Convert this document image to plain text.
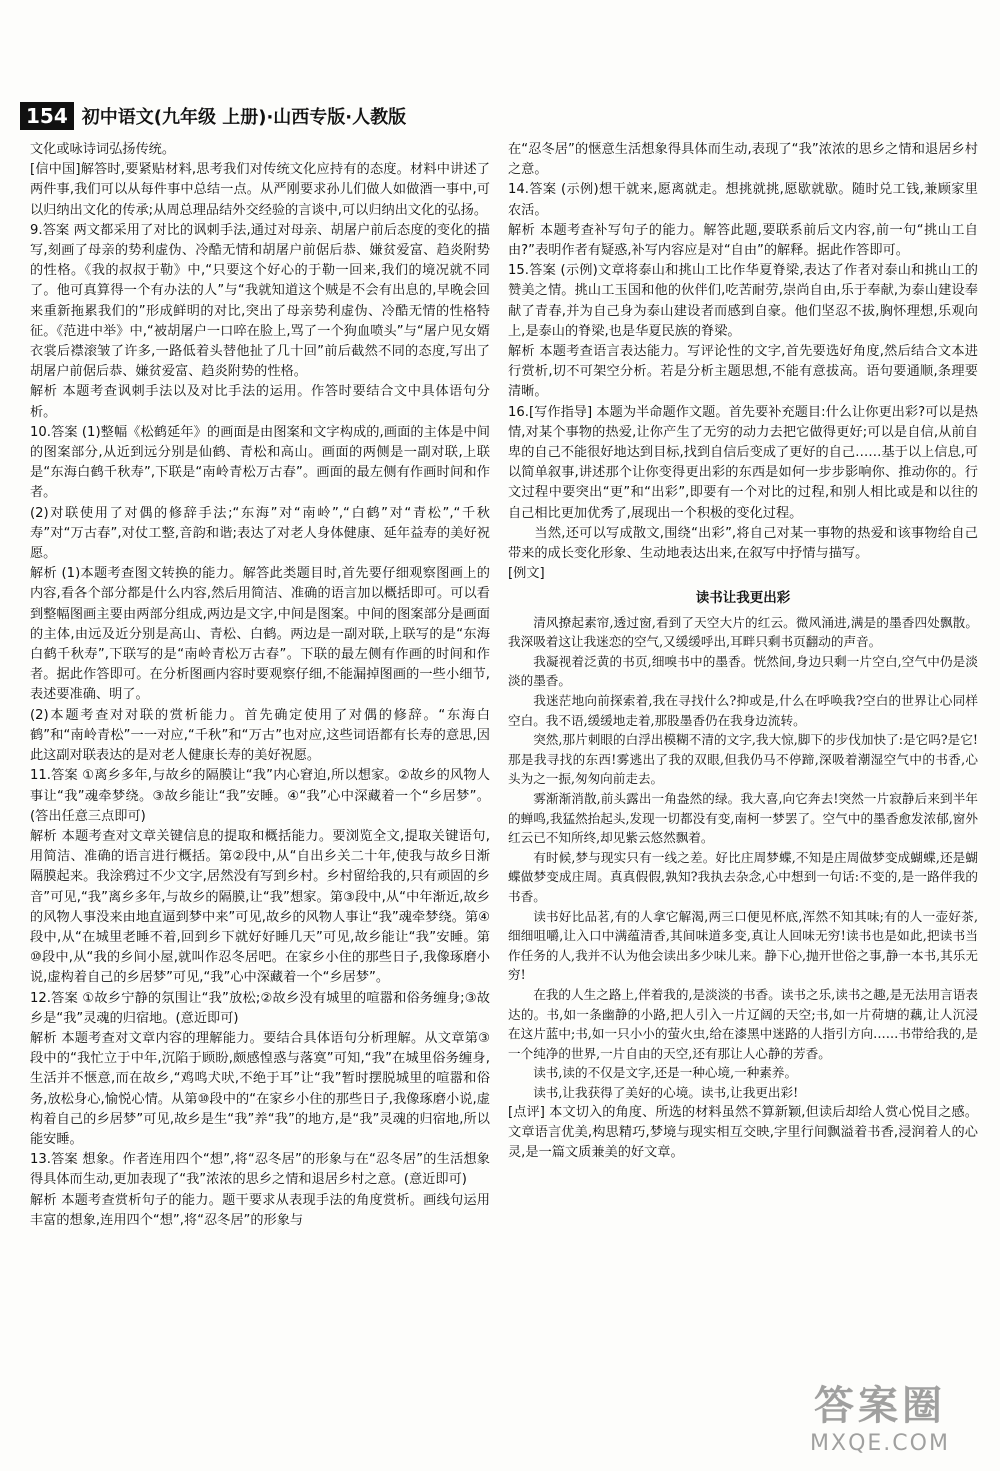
154 初中语文(九年级 上册)·山西专版·人教版

文化或咏诗词弘扬传统。

[信中国]解答时,要紧贴材料,思考我们对传统文化应持有的态度。材料中讲述了两件事,我们可以从每件事中总结一点。从严刚要求孙儿们做人如做酒一事中,可以归纳出文化的传承;从周总理品结外交经验的言谈中,可以归纳出文化的弘扬。

9.答案 两文都采用了对比的讽刺手法,通过对母亲、胡屠户前后态度的变化的描写,刻画了母亲的势利虚伪、冷酷无情和胡屠户前倨后恭、嫌贫爱富、趋炎附势的性格。《我的叔叔于勒》中,“只要这个好心的于勒一回来,我们的境况就不同了。他可真算得一个有办法的人”与“我就知道这个贼是不会有出息的,早晚会回来重新拖累我们的”形成鲜明的对比,突出了母亲势利虚伪、冷酷无情的性格特征。《范进中举》中,“被胡屠户一口啐在脸上,骂了一个狗血喷头”与“屠户见女婿衣裳后襟滚皱了许多,一路低着头替他扯了几十回”前后截然不同的态度,写出了胡屠户前倨后恭、嫌贫爱富、趋炎附势的性格。

解析 本题考查讽刺手法以及对比手法的运用。作答时要结合文中具体语句分析。

10.答案 (1)整幅《松鹤延年》的画面是由图案和文字构成的,画面的主体是中间的图案部分,从近到远分别是仙鹤、青松和高山。画面的两侧是一副对联,上联是“东海白鹤千秋寿”,下联是“南岭青松万古春”。画面的最左侧有作画时间和作者。

(2)对联使用了对偶的修辞手法;“东海”对“南岭”,“白鹤”对“青松”,“千秋寿”对“万古春”,对仗工整,音韵和谐;表达了对老人身体健康、延年益寿的美好祝愿。

解析 (1)本题考查图文转换的能力。解答此类题目时,首先要仔细观察图画上的内容,看各个部分都是什么内容,然后用简洁、准确的语言加以概括即可。可以看到整幅图画主要由两部分组成,两边是文字,中间是图案。中间的图案部分是画面的主体,由远及近分别是高山、青松、白鹤。两边是一副对联,上联写的是“东海白鹤千秋寿”,下联写的是“南岭青松万古春”。下联的最左侧有作画的时间和作者。据此作答即可。在分析图画内容时要观察仔细,不能漏掉图画的一些小细节,表述要准确、明了。

(2)本题考查对对联的赏析能力。首先确定使用了对偶的修辞。“东海白鹤”和“南岭青松”一一对应,“千秋”和“万古”也对应,这些词语都有长寿的意思,因此这副对联表达的是对老人健康长寿的美好祝愿。

11.答案 ①离乡多年,与故乡的隔膜让“我”内心窘迫,所以想家。②故乡的风物人事让“我”魂牵梦绕。③故乡能让“我”安睡。④“我”心中深藏着一个“乡居梦”。(答出任意三点即可)

解析 本题考查对文章关键信息的提取和概括能力。要浏览全文,提取关键语句,用简洁、准确的语言进行概括。第②段中,从“自出乡关二十年,使我与故乡日渐隔膜起来。我涂鸦过不少文字,居然没有写到乡村。乡村留给我的,只有顽固的乡音”可见,“我”离乡多年,与故乡的隔膜,让“我”想家。第③段中,从“中年渐近,故乡的风物人事没来由地直逼到梦中来”可见,故乡的风物人事让“我”魂牵梦绕。第④段中,从“在城里老睡不着,回到乡下就好好睡几天”可见,故乡能让“我”安睡。第⑩段中,从“我的乡间小屋,就叫作忍冬居吧。在家乡小住的那些日子,我像琢磨小说,虚构着自己的乡居梦”可见,“我”心中深藏着一个“乡居梦”。

12.答案 ①故乡宁静的氛围让“我”放松;②故乡没有城里的喧嚣和俗务缠身;③故乡是“我”灵魂的归宿地。(意近即可)

解析 本题考查对文章内容的理解能力。要结合具体语句分析理解。从文章第③段中的“我忙立于中年,沉陷于顾盼,颇感惶惑与落寞”可知,“我”在城里俗务缠身,生活并不惬意,而在故乡,“鸡鸣犬吠,不绝于耳”让“我”暂时摆脱城里的喧嚣和俗务,放松身心,愉悦心情。从第⑩段中的“在家乡小住的那些日子,我像琢磨小说,虚构着自己的乡居梦”可见,故乡是生“我”养“我”的地方,是“我”灵魂的归宿地,所以能安睡。

13.答案 想象。作者连用四个“想”,将“忍冬居”的形象与在“忍冬居”的生活想象得具体而生动,更加表现了“我”浓浓的思乡之情和退居乡村之意。(意近即可)

解析 本题考查赏析句子的能力。题干要求从表现手法的角度赏析。画线句运用丰富的想象,连用四个“想”,将“忍冬居”的形象与

在“忍冬居”的惬意生活想象得具体而生动,表现了“我”浓浓的思乡之情和退居乡村之意。

14.答案 (示例)想干就来,愿离就走。想挑就挑,愿歇就歇。随时兑工钱,兼顾家里农活。

解析 本题考查补写句子的能力。解答此题,要联系前后文内容,前一句“挑山工自由?”表明作者有疑惑,补写内容应是对“自由”的解释。据此作答即可。

15.答案 (示例)文章将泰山和挑山工比作华夏脊梁,表达了作者对泰山和挑山工的赞美之情。挑山工玉国和他的伙伴们,吃苦耐劳,崇尚自由,乐于奉献,为泰山建设奉献了青春,并为自己身为泰山建设者而感到自豪。他们坚忍不拔,胸怀理想,乐观向上,是泰山的脊梁,也是华夏民族的脊梁。

解析 本题考查语言表达能力。写评论性的文字,首先要选好角度,然后结合文本进行赏析,切不可架空分析。若是分析主题思想,不能有意拔高。语句要通顺,条理要清晰。

16.[写作指导] 本题为半命题作文题。首先要补充题目:什么让你更出彩?可以是热情,对某个事物的热爱,让你产生了无穷的动力去把它做得更好;可以是自信,从前自卑的自己不能很好地达到目标,找到自信后变成了更好的自己……基于以上信息,可以简单叙事,讲述那个让你变得更出彩的东西是如何一步步影响你、推动你的。行文过程中要突出“更”和“出彩”,即要有一个对比的过程,和别人相比或是和以往的自己相比更加优秀了,展现出一个积极的变化过程。

当然,还可以写成散文,围绕“出彩”,将自己对某一事物的热爱和该事物给自己带来的成长变化形象、生动地表达出来,在叙写中抒情与描写。

[例文]

读书让我更出彩

清风撩起素帘,透过窗,看到了天空大片的红云。微风涌进,满是的墨香四处飘散。我深吸着这让我迷恋的空气,又缓缓呼出,耳畔只剩书页翻动的声音。

我凝视着泛黄的书页,细嗅书中的墨香。恍然间,身边只剩一片空白,空气中仍是淡淡的墨香。

我迷茫地向前探索着,我在寻找什么?抑或是,什么在呼唤我?空白的世界让心同样空白。我不语,缓缓地走着,那股墨香仍在我身边流转。

突然,那片刺眼的白浮出模糊不清的文字,我大惊,脚下的步伐加快了:是它吗?是它!那是我寻找的东西!雾逃出了我的双眼,但我仍马不停蹄,深吸着潮湿空气中的书香,心头为之一振,匆匆向前走去。

雾渐渐消散,前头露出一角盎然的绿。我大喜,向它奔去!突然一片寂静后来到半年的蝉鸣,我猛然抬起头,发现一切都没有变,南柯一梦罢了。空气中的墨香愈发浓郁,窗外红云已不知所终,却见紫云悠然飘着。

有时候,梦与现实只有一线之差。好比庄周梦蝶,不知是庄周做梦变成蝴蝶,还是蝴蝶做梦变成庄周。真真假假,孰知?我执去杂念,心中想到一句话:不变的,是一路伴我的书香。

读书好比品茗,有的人拿它解渴,两三口便见杯底,浑然不知其味;有的人一壶好茶,细细咀嚼,让入口中满蕴清香,其间味道多变,真让人回味无穷!读书也是如此,把读书当作任务的人,我并不认为他会读出多少味儿来。静下心,抛开世俗之事,静一本书,其乐无穷!

在我的人生之路上,伴着我的,是淡淡的书香。读书之乐,读书之趣,是无法用言语表达的。书,如一条幽静的小路,把人引入一片辽阔的天空;书,如一片荷塘的藕,让人沉浸在这片蓝中;书,如一只小小的萤火虫,给在漆黑中迷路的人指引方向……书带给我的,是一个纯净的世界,一片自由的天空,还有那让人心静的芳香。

读书,读的不仅是文字,还是一种心境,一种素养。

读书,让我获得了美好的心境。读书,让我更出彩!

[点评] 本文切入的角度、所选的材料虽然不算新颖,但读后却给人赏心悦目之感。文章语言优美,构思精巧,梦境与现实相互交映,字里行间飘溢着书香,浸润着人的心灵,是一篇文质兼美的好文章。

答案圈
MXQE.COM
